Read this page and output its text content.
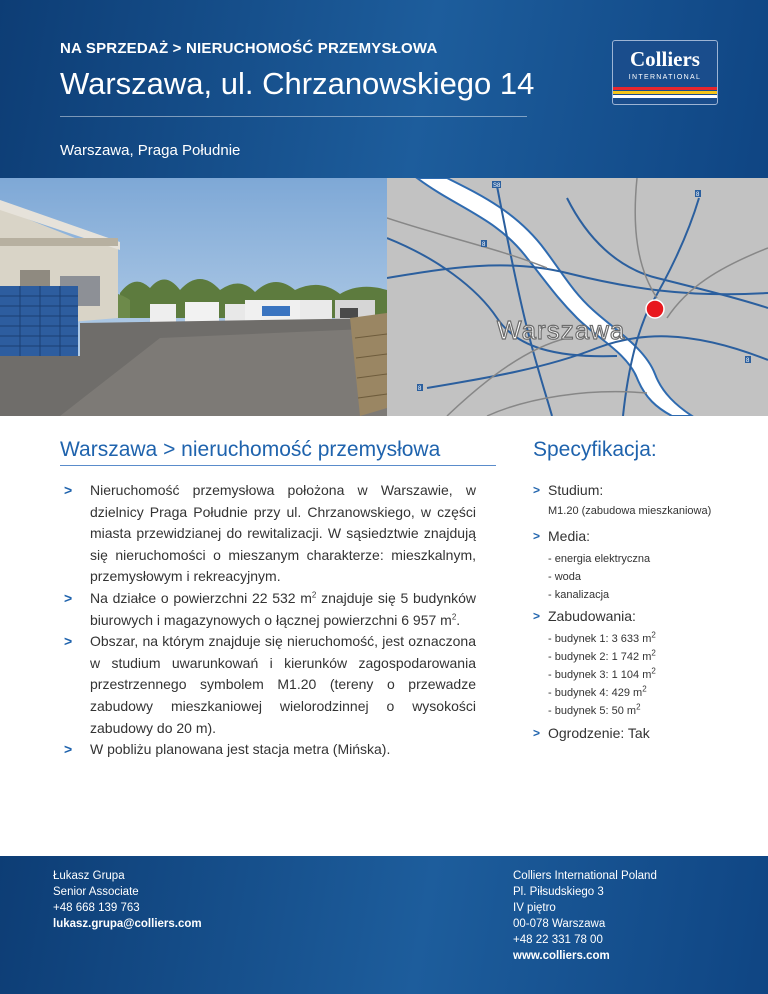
NA SPRZEDAŻ > NIERUCHOMOŚĆ PRZEMYSŁOWA
Warszawa, ul. Chrzanowskiego 14
Warszawa, Praga Południe
Colliers
INTERNATIONAL
S8
8
8
8
8
Warszawa
Warszawa > nieruchomość przemysłowa	Specyfikacja:
> Nieruchomość przemysłowa położona w Warszawie, w dzielnicy Praga Południe przy ul. Chrzanowskiego, w części miasta przewidzianej do rewitalizacji. W sąsiedztwie znajdują się nieruchomości o mieszanym charakterze: mieszkalnym, przemysłowym i rekreacyjnym.
> Na działce o powierzchni 22 532 $m^2$ znajduje się 5 budynków biurowych i magazynowych o łącznej powierzchni 6 957 $m^2$.
> Obszar, na którym znajduje się nieruchomość, jest oznaczona w studium uwarunkowań i kierunków zagospodarowania przestrzennego symbolem M1.20 (tereny o przewadze zabudowy mieszkaniowej wielorodzinnej o wysokości zabudowy do 20 m).
> W pobliżu planowana jest stacja metra (Mińska).
> Studium:
M1.20 (zabudowa mieszkaniowa)
> Media:
- energia elektryczna
- woda
- kanalizacja
> Zabudowania:
- budynek 1: 3 633 $m^2$
- budynek 2: 1 742 $m^2$
- budynek 3: 1 104 $m^2$
- budynek 4: 429 $m^2$
- budynek 5: 50 $m^2$
> Ogrodzenie: Tak
Łukasz Grupa
Senior Associate
+48 668 139 763
lukasz.grupa@colliers.com
Colliers International Poland
Pl. Piłsudskiego 3
IV piętro
00-078 Warszawa
+48 22 331 78 00
www.colliers.com
